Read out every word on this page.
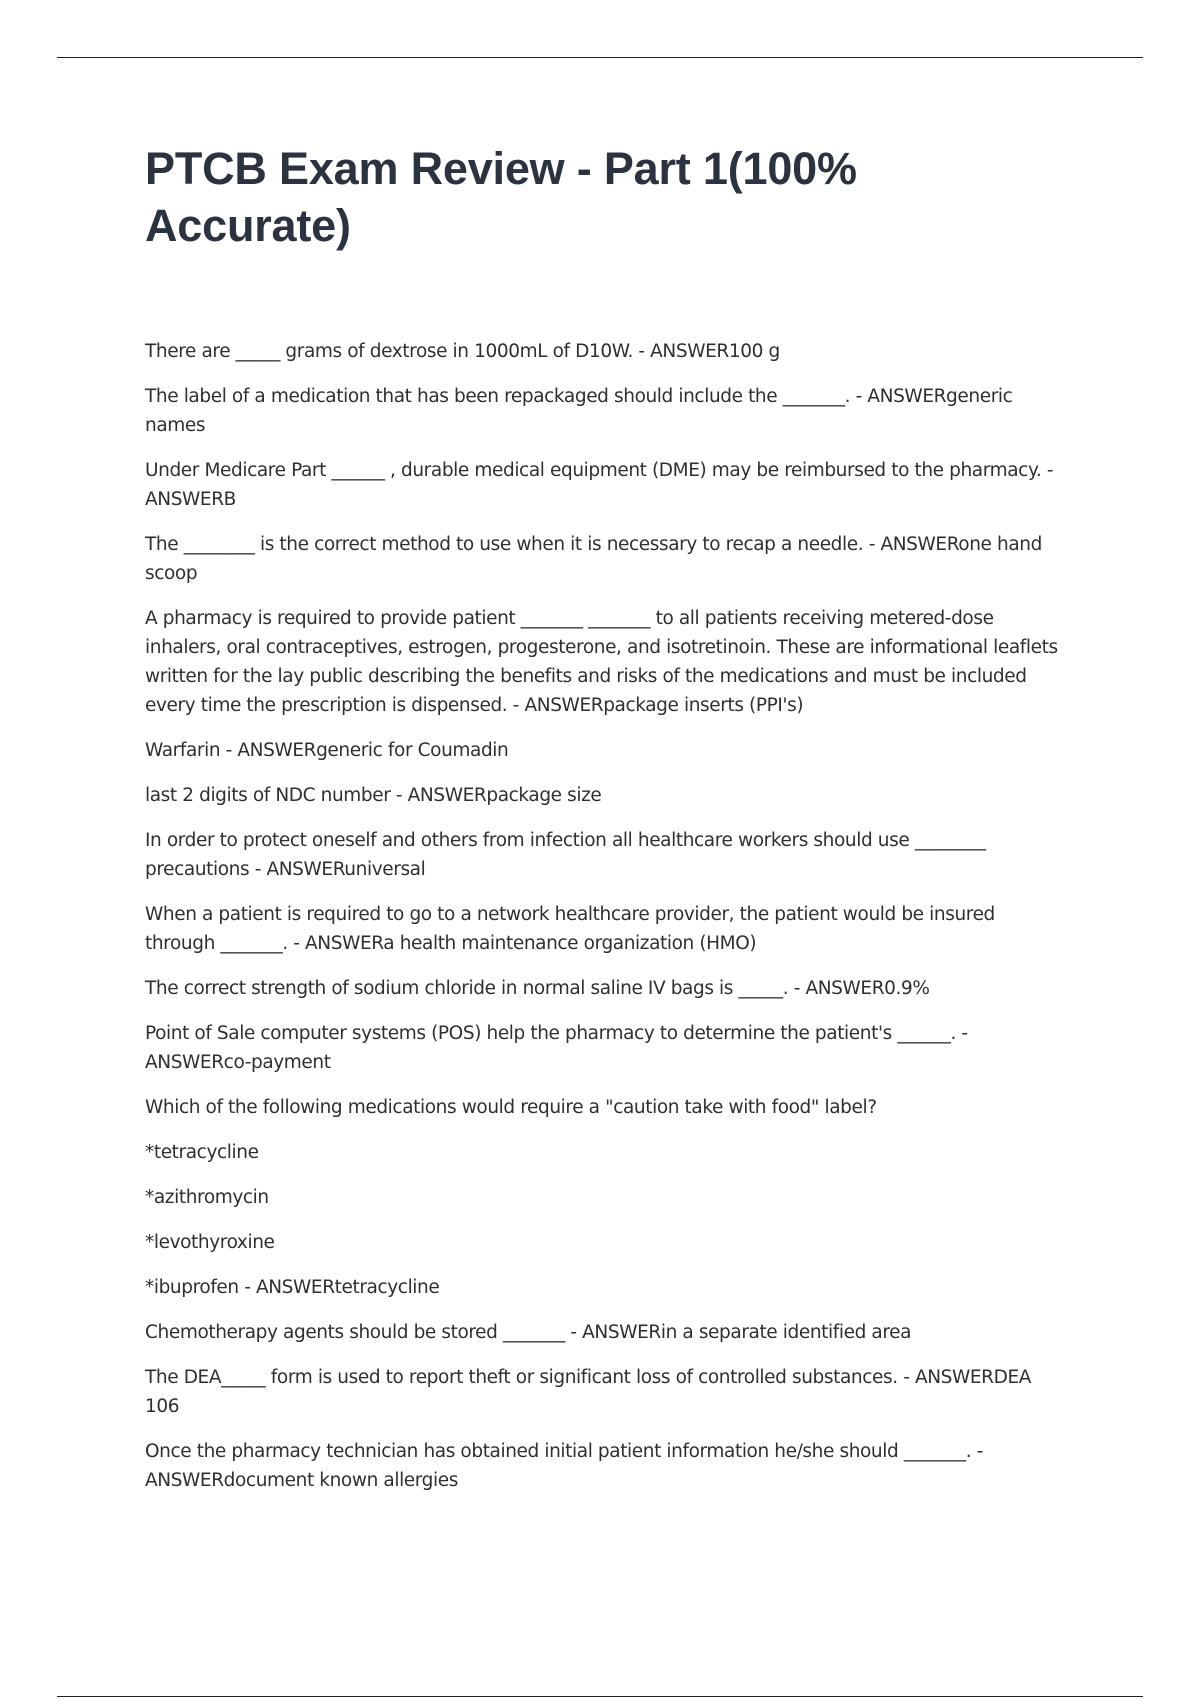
PTCB Exam Review - Part 1(100% Accurate)

There are _____ grams of dextrose in 1000mL of D10W. - ANSWER100 g

The label of a medication that has been repackaged should include the _______. - ANSWERgeneric names

Under Medicare Part ______ , durable medical equipment (DME) may be reimbursed to the pharmacy. - ANSWERB

The ________ is the correct method to use when it is necessary to recap a needle. - ANSWERone hand scoop

A pharmacy is required to provide patient _______ _______ to all patients receiving metered-dose inhalers, oral contraceptives, estrogen, progesterone, and isotretinoin. These are informational leaflets written for the lay public describing the benefits and risks of the medications and must be included every time the prescription is dispensed. - ANSWERpackage inserts (PPI's)

Warfarin - ANSWERgeneric for Coumadin

last 2 digits of NDC number - ANSWERpackage size

In order to protect oneself and others from infection all healthcare workers should use ________ precautions - ANSWERuniversal

When a patient is required to go to a network healthcare provider, the patient would be insured through _______. - ANSWERa health maintenance organization (HMO)

The correct strength of sodium chloride in normal saline IV bags is _____. - ANSWER0.9%

Point of Sale computer systems (POS) help the pharmacy to determine the patient's ______. - ANSWERco-payment

Which of the following medications would require a "caution take with food" label?

*tetracycline

*azithromycin

*levothyroxine

*ibuprofen - ANSWERtetracycline

Chemotherapy agents should be stored _______ - ANSWERin a separate identified area

The DEA_____ form is used to report theft or significant loss of controlled substances. - ANSWERDEA 106

Once the pharmacy technician has obtained initial patient information he/she should _______. - ANSWERdocument known allergies
